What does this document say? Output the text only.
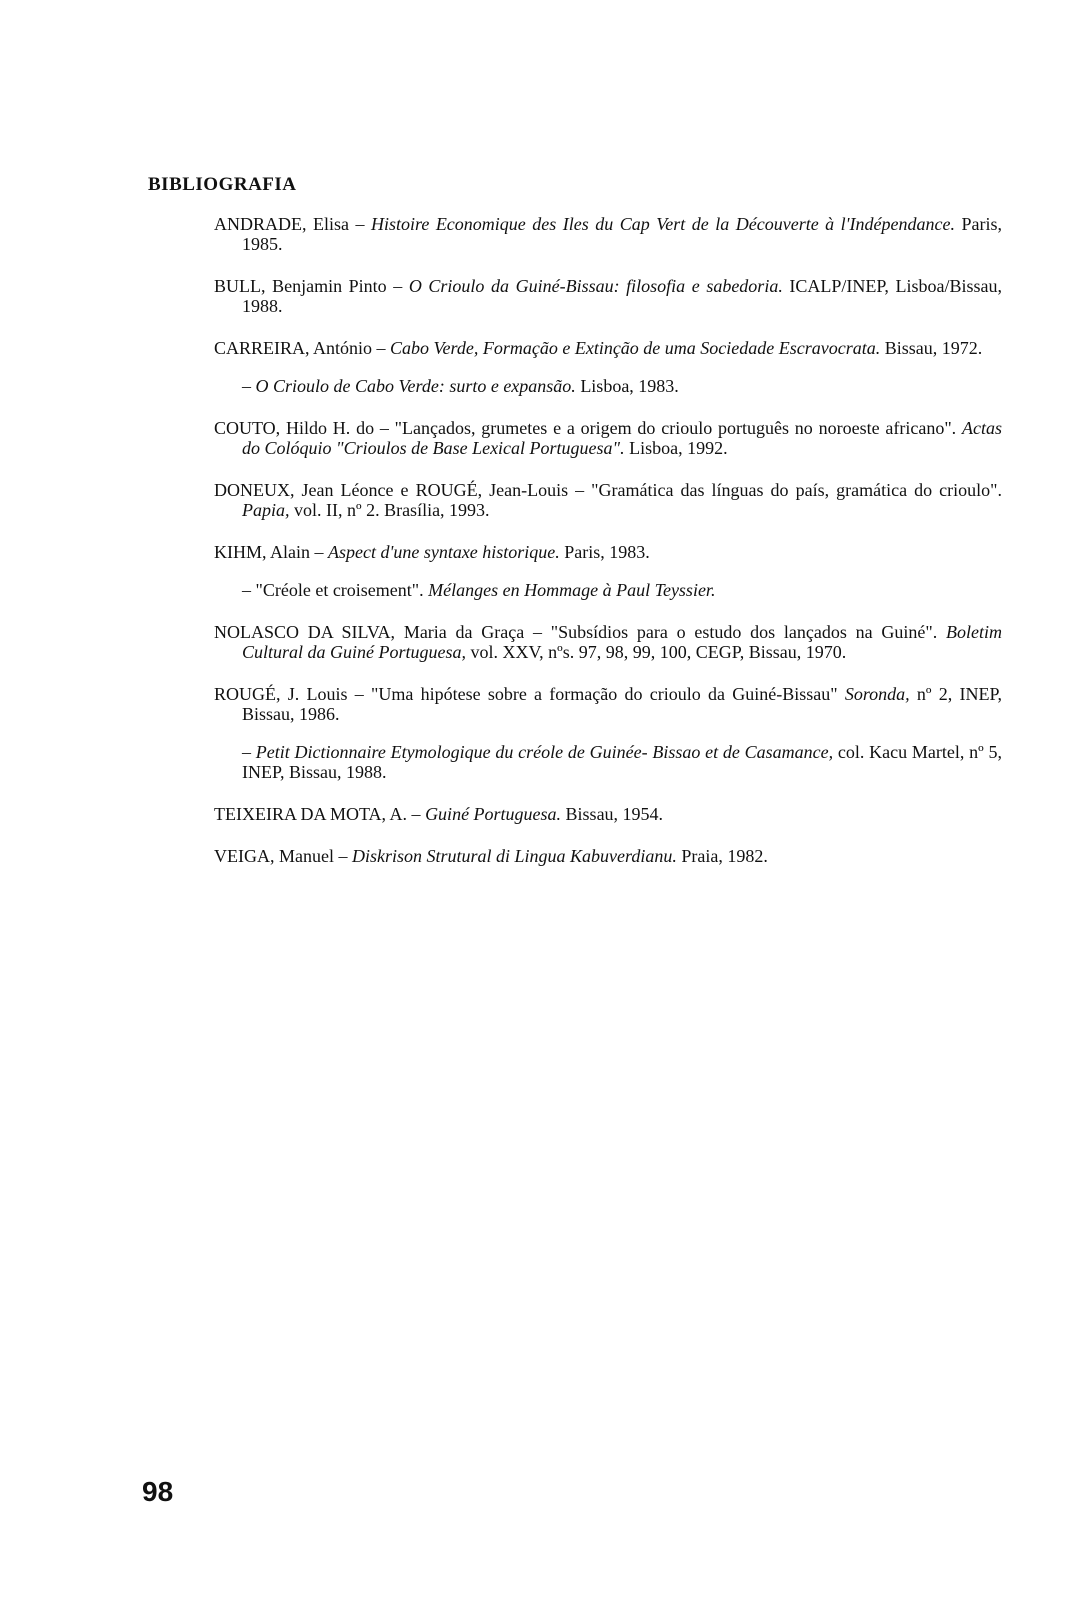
BIBLIOGRAFIA

ANDRADE, Elisa – Histoire Economique des Iles du Cap Vert de la Découverte à l'Indépendance. Paris, 1985.

BULL, Benjamin Pinto – O Crioulo da Guiné-Bissau: filosofia e sabedoria. ICALP/INEP, Lisboa/Bissau, 1988.

CARREIRA, António – Cabo Verde, Formação e Extinção de uma Sociedade Escravocrata. Bissau, 1972.

– O Crioulo de Cabo Verde: surto e expansão. Lisboa, 1983.

COUTO, Hildo H. do – "Lançados, grumetes e a origem do crioulo português no noroeste africano". Actas do Colóquio "Crioulos de Base Lexical Portuguesa". Lisboa, 1992.

DONEUX, Jean Léonce e ROUGÉ, Jean-Louis – "Gramática das línguas do país, gramática do crioulo". Papia, vol. II, nº 2. Brasília, 1993.

KIHM, Alain – Aspect d'une syntaxe historique. Paris, 1983.

– "Créole et croisement". Mélanges en Hommage à Paul Teyssier.

NOLASCO DA SILVA, Maria da Graça – "Subsídios para o estudo dos lançados na Guiné". Boletim Cultural da Guiné Portuguesa, vol. XXV, nºs. 97, 98, 99, 100, CEGP, Bissau, 1970.

ROUGÉ, J. Louis – "Uma hipótese sobre a formação do crioulo da Guiné-Bissau" Soronda, nº 2, INEP, Bissau, 1986.

– Petit Dictionnaire Etymologique du créole de Guinée- Bissao et de Casamance, col. Kacu Martel, nº 5, INEP, Bissau, 1988.

TEIXEIRA DA MOTA, A. – Guiné Portuguesa. Bissau, 1954.

VEIGA, Manuel – Diskrison Strutural di Lingua Kabuverdianu. Praia, 1982.

98
